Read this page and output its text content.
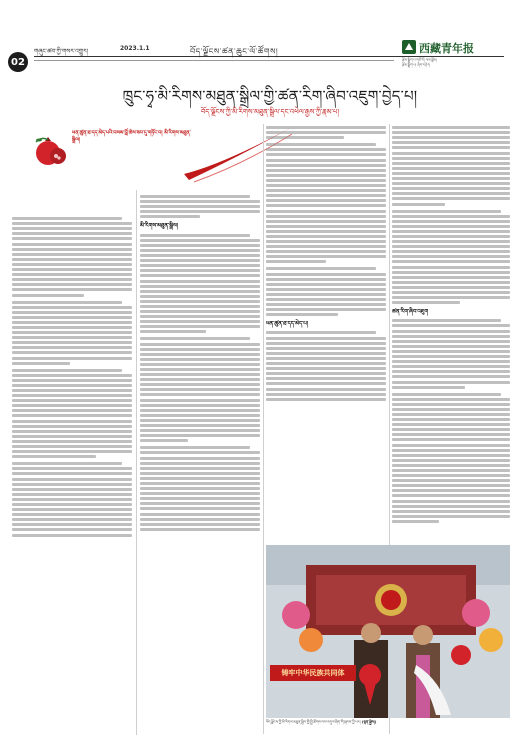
02
གཞུང་ཚབ་ཀྱི་གསར་འགྱུར།	2023.1.1	བོད་ལྗོངས་ཚན་ཆུང་ལོ་ཚོགས།	西藏青年报
རྩོམ་སྒྲིག་པ་གཙོ་བོ། ལས་ཟློས།
རྩོམ་སྒྲིག་པ། ཞིབ་བཤེར།
ཁྲུང་ཧྭ་མི་རིགས་མཐུན་སྒྲིལ་གྱི་ཚན་རིག་ཞིབ་འཇུག་བྱེད་པ།
བོད་ལྗོངས་ཀྱི་མི་རིགས་མཐུན་སྒྲིལ་དང་འཕེལ་རྒྱས་ཀྱི་རྣམ་པ།
ཕན་ཚུན་ཐ་དད་མེད་པའི་བསམ་བློ་ཆེས་ཟབ་དུ་གཏོང་བ། མི་རིགས་མཐུན་སྒྲིལ།
མི་རིགས་མཐུན་སྒྲིལ།
ཕན་ཚུན་ཐ་དད་མེད་པ།
ཚན་རིག་ཞིབ་འཇུག
铸牢中华民族共同体
བོད་ལྗོངས་ཀྱི་མི་རིགས་མཐུན་སྒྲིལ་གྱི་སྤྱི་ཚོགས་ལས་འགུལ་ཞིག་གི་སྐབས་ཀྱི་པར། (ལྷན་སྐྱེས།)
